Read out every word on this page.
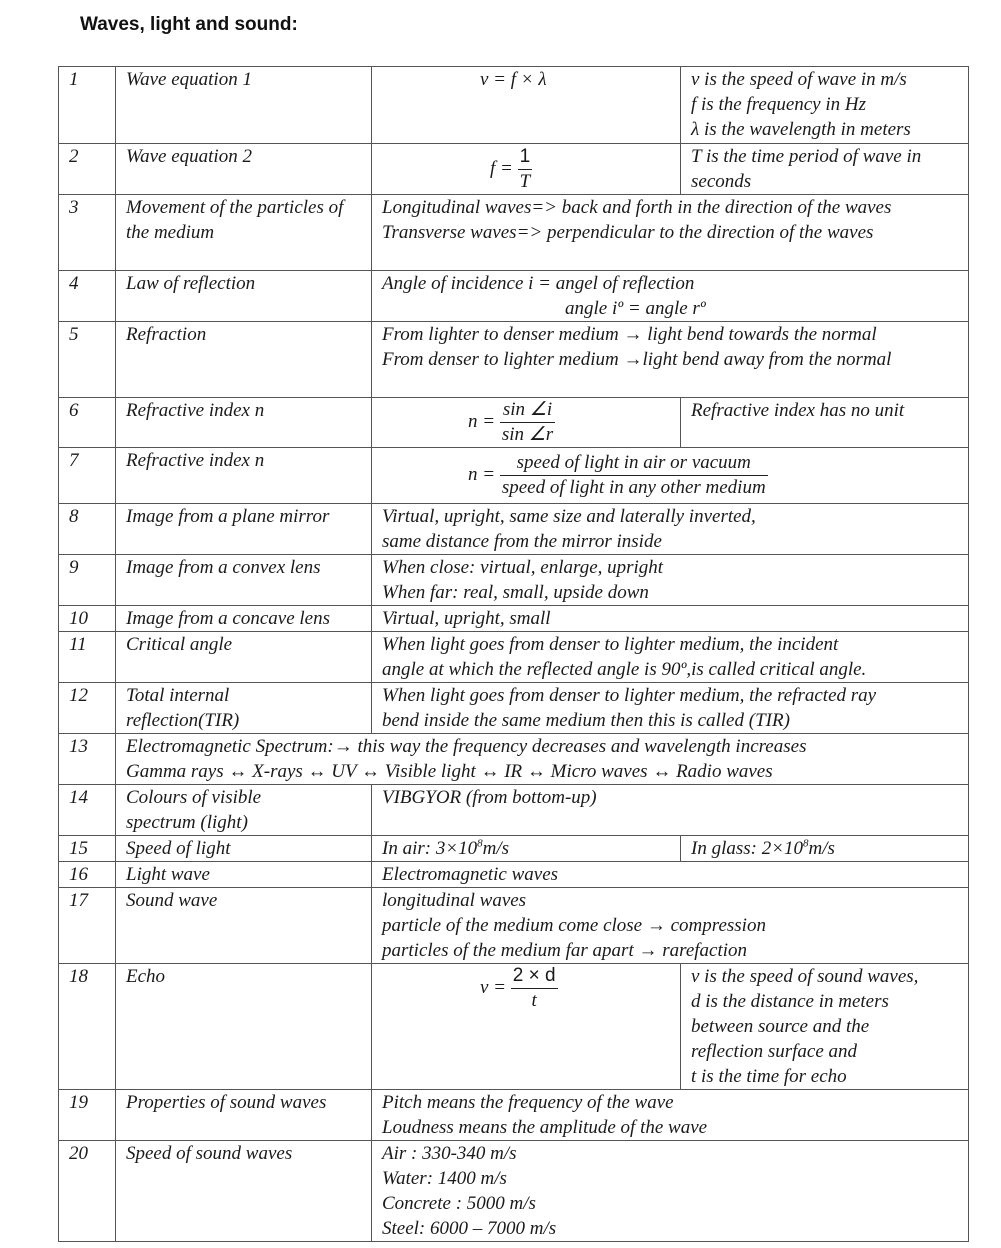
Waves, light and sound:
1	Wave equation 1	v = f × λ	v is the speed of wave in m/s
f is the frequency in Hz
λ is the wavelength in meters

2	Wave equation 2	$f = \frac{1}{T}$	T is the time period of wave in seconds

3	Movement of the particles of the medium	Longitudinal waves=> back and forth in the direction of the waves
Transverse waves=> perpendicular to the direction of the waves	

4	Law of reflection	Angle of incidence i = angel of reflection
angle iº = angle rº	

5	Refraction	From lighter to denser medium → light bend towards the normal
From denser to lighter medium →light bend away from the normal	

6	Refractive index n	$n = \frac{\sin \angle i}{\sin \angle r}$	Refractive index has no unit

7	Refractive index n	$n = \frac{\text{speed of light in air or vacuum}}{\text{speed of light in any other medium}}$

8	Image from a plane mirror	Virtual, upright, same size and laterally inverted,
same distance from the mirror inside	

9	Image from a convex lens	When close: virtual, enlarge, upright
When far: real, small, upside down	

10	Image from a concave lens	Virtual, upright, small	

11	Critical angle	When light goes from denser to lighter medium, the incident
angle at which the reflected angle is 90º,is called critical angle.	

12	Total internal
reflection(TIR)	When light goes from denser to lighter medium, the refracted ray
bend inside the same medium then this is called (TIR)	

13	Electromagnetic Spectrum:→ this way the frequency decreases and wavelength increases
Gamma rays ↔ X-rays ↔ UV ↔ Visible light ↔ IR ↔ Micro waves ↔ Radio waves		

14	Colours of visible
spectrum (light)	VIBGYOR (from bottom-up)	

15	Speed of light	In air: $3\times 10^8m/s$	In glass: $2\times 10^8m/s$

16	Light wave	Electromagnetic waves	

17	Sound wave	longitudinal waves
particle of the medium come close → compression
particles of the medium far apart → rarefaction	

18	Echo	$v = \frac{2 \times d}{t}$	v is the speed of sound waves,
d is the distance in meters
between source and the
reflection surface and
t is the time for echo

19	Properties of sound waves	Pitch means the frequency of the wave
Loudness means the amplitude of the wave	

20	Speed of sound waves	Air : 330-340 m/s
Water: 1400 m/s
Concrete : 5000 m/s
Steel: 6000 – 7000 m/s	
